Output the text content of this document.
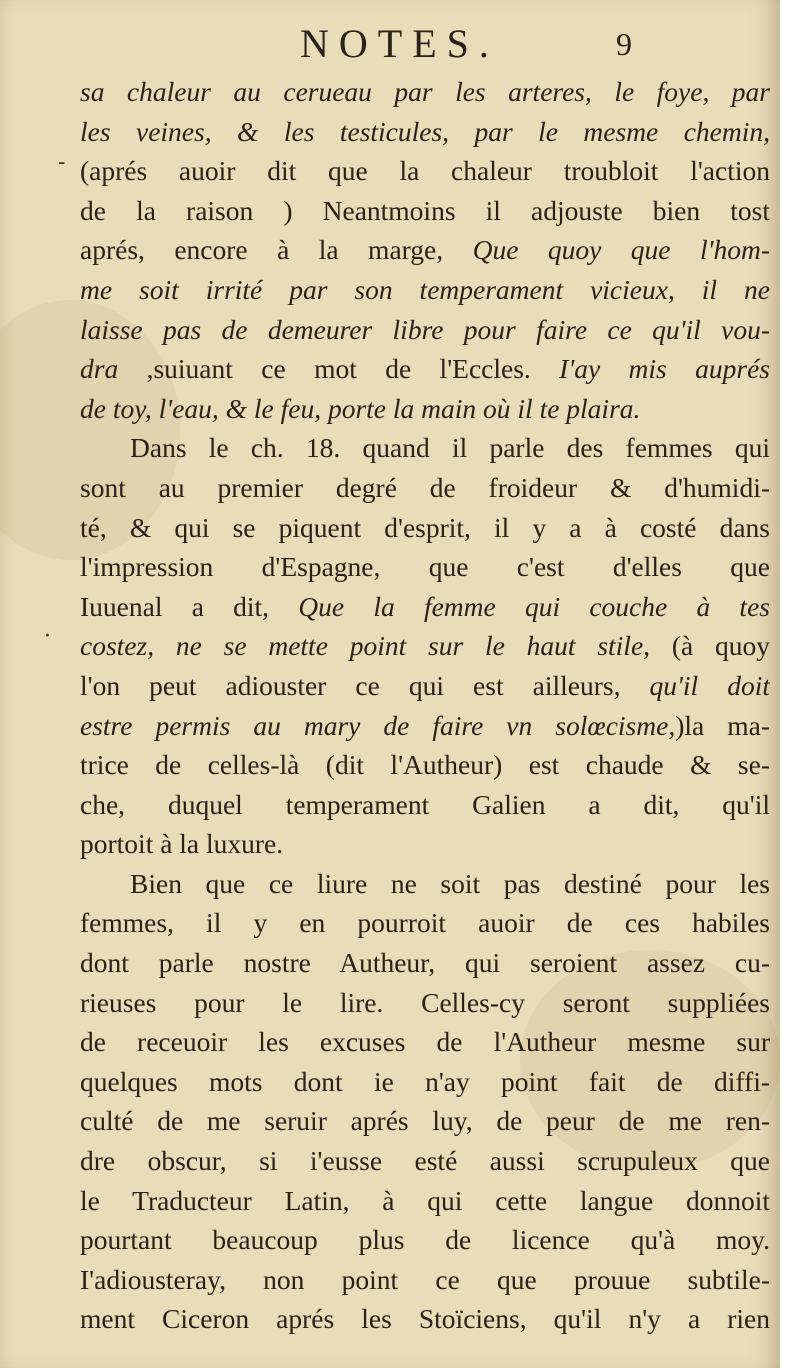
NOTES.	9
-
·
sa chaleur au cerueau par les arteres, le foye, par
les veines, & les testicules, par le mesme chemin,
(aprés auoir dit que la chaleur troubloit l'action
de la raison ) Neantmoins il adjouste bien tost
aprés, encore à la marge, Que quoy que l'hom-
me soit irrité par son temperament vicieux, il ne
laisse pas de demeurer libre pour faire ce qu'il vou-
dra ,suiuant ce mot de l'Eccles. I'ay mis auprés
de toy, l'eau, & le feu, porte la main où il te plaira.
Dans le ch. 18. quand il parle des femmes qui
sont au premier degré de froideur & d'humidi-
té, & qui se piquent d'esprit, il y a à costé dans
l'impression d'Espagne, que c'est d'elles que
Iuuenal a dit, Que la femme qui couche à tes
costez, ne se mette point sur le haut stile, (à quoy
l'on peut adiouster ce qui est ailleurs, qu'il doit
estre permis au mary de faire vn solœcisme,)la ma-
trice de celles-là (dit l'Autheur) est chaude & se-
che, duquel temperament Galien a dit, qu'il
portoit à la luxure.
Bien que ce liure ne soit pas destiné pour les
femmes, il y en pourroit auoir de ces habiles
dont parle nostre Autheur, qui seroient assez cu-
rieuses pour le lire. Celles-cy seront suppliées
de receuoir les excuses de l'Autheur mesme sur
quelques mots dont ie n'ay point fait de diffi-
culté de me seruir aprés luy, de peur de me ren-
dre obscur, si i'eusse esté aussi scrupuleux que
le Traducteur Latin, à qui cette langue donnoit
pourtant beaucoup plus de licence qu'à moy.
I'adiousteray, non point ce que prouue subtile-
ment Ciceron aprés les Stoïciens, qu'il n'y a rien
